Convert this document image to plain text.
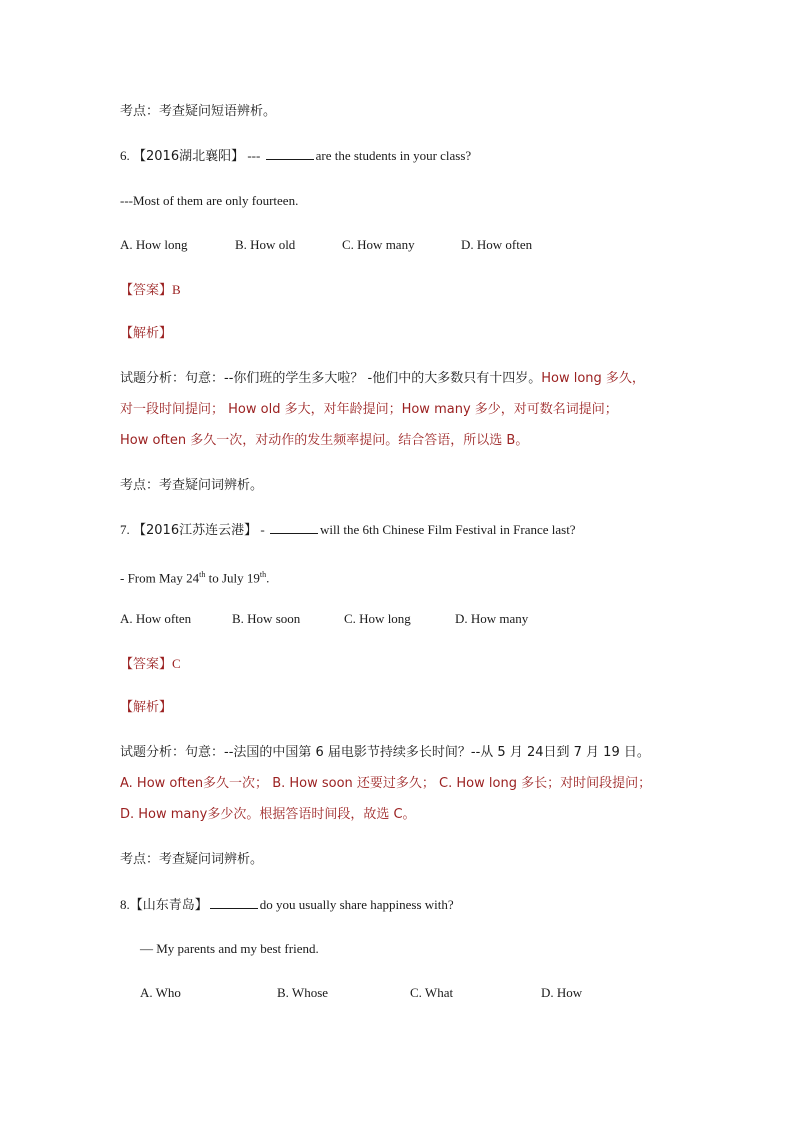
考点：考查疑问短语辨析。
6. 【2016湖北襄阳】 ---	are the students in your class?
---Most of them are only fourteen.
A. How long	B. How old	C. How many	D. How often
【答案】B
【解析】
试题分析：句意：--你们班的学生多大啦？ -他们中的大多数只有十四岁。How long 多久，
对一段时间提问； How old 多大，对年龄提问；How many 多少，对可数名词提问；
How often 多久一次，对动作的发生频率提问。结合答语，所以选 B。
考点：考查疑问词辨析。
7. 【2016江苏连云港】 -	will the 6th Chinese Film Festival in France last?
- From May 24th to July 19th.
A. How often	B. How soon	C. How long	D. How many
【答案】C
【解析】
试题分析：句意：--法国的中国第 6 届电影节持续多长时间？--从 5 月 24日到 7 月 19 日。
A. How often多久一次； B. How soon 还要过多久； C. How long 多长；对时间段提问；
D. How many多少次。根据答语时间段，故选 C。
考点：考查疑问词辨析。
8.【山东青岛】	do you usually share happiness with?
— My parents and my best friend.
A. Who	B. Whose	C. What	D. How
